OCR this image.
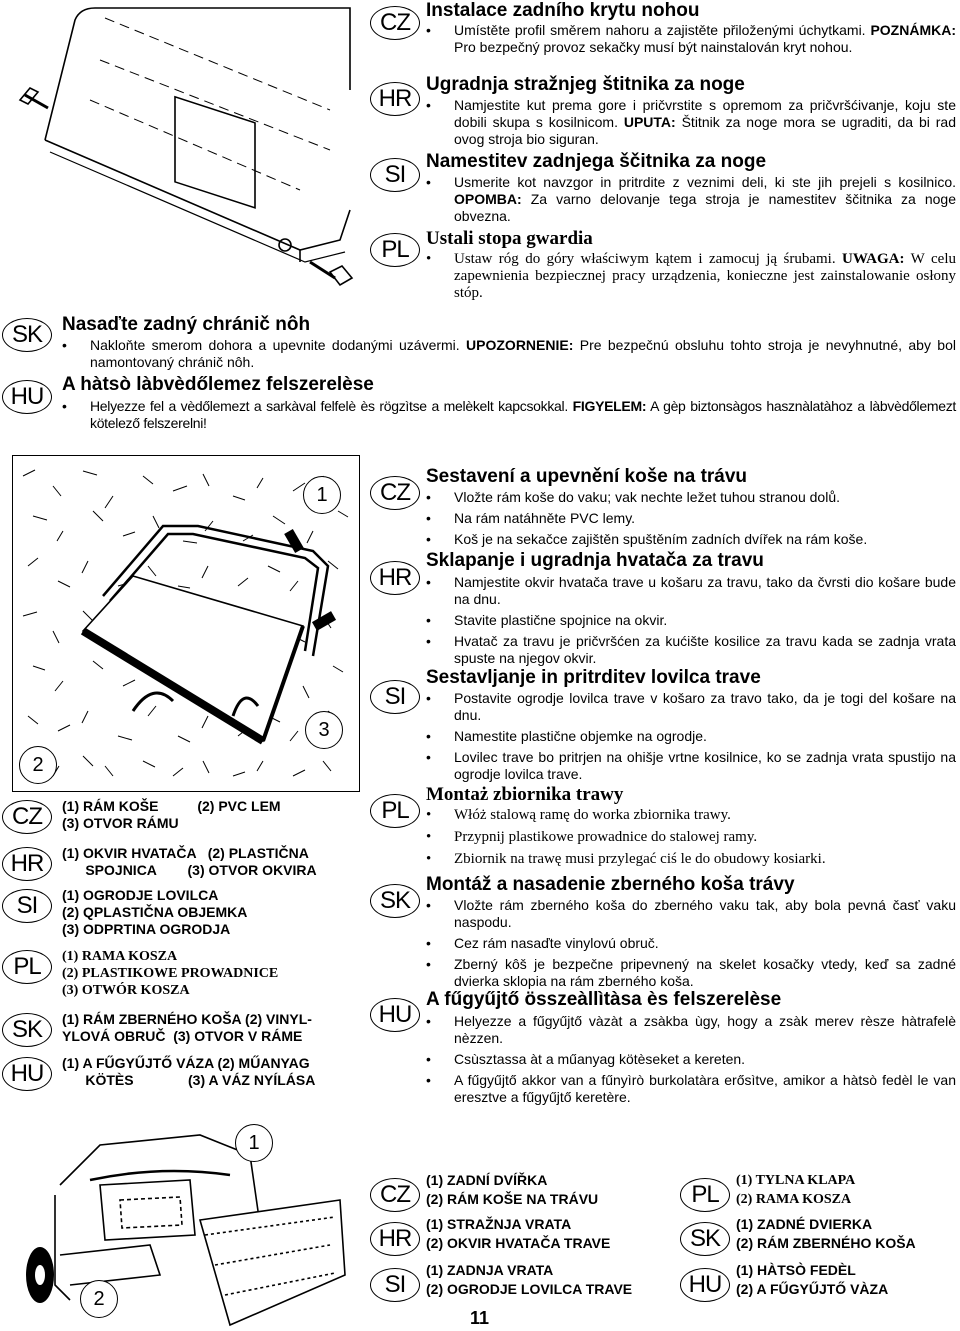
CZ Instalace zadního krytu nohou

• Umístěte profil směrem nahoru a zajistěte přiloženými úchytkami. POZNÁMKA: Pro bezpečný provoz sekačky musí být nainstalován kryt nohou.

HR
Ugradnja stražnjeg štitnika za noge

• Namjestite kut prema gore i pričvrstite s opremom za pričvršćivanje, koju ste dobili skupa s kosilnicom. UPUTA: Štitnik za noge mora se ugraditi, da bi rad ovog stroja bio siguran.

SI	Namestitev zadnjega ščitnika za noge

• Usmerite kot navzgor in pritrdite z veznimi deli, ki ste jih prejeli s kosilnico. OPOMBA: Za varno delovanje tega stroja je namestitev ščitnika za noge obvezna.

PL Ustali stopa gwardia

• Ustaw róg do góry właściwym kątem i zamocuj ją śrubami. UWAGA: W celu zapewnienia bezpiecznej pracy urządzenia, konieczne jest zainstalowanie osłony stóp.

SK	Nasaďte zadný chránič nôh

• Nakloňte smerom dohora a upevnite dodanými uzávermi. UPOZORNENIE: Pre bezpečnú obsluhu tohto stroja je nevyhnutné, aby bol namontovaný chránič nôh.

HU A hàtsò làbvèdőlemez felszerelèse

• Helyezze fel a vèdőlemezt a sarkàval felfelè ès rögzìtse a melèkelt kapcsokkal. FIGYELEM: A gèp biztonsàgos hasznàlatàhoz a làbvèdőlemezt kötelező felszerelni!

1
2
3
CZ	(1) RÁM KOŠE          (2) PVC LEM
(3) OTVOR RÁMU
HR	(1) OKVIR HVATAČA   (2) PLASTIČNA
SPOJNICA        (3) OTVOR OKVIRA
SI	(1) OGRODJE LOVILCA
(2) QPLASTIČNA OBJEMKA
(3) ODPRTINA OGRODJA
PL	(1) RAMA KOSZA
(2) PLASTIKOWE PROWADNICE
(3) OTWÓR KOSZA
SK	(1) RÁM ZBERNÉHO KOŠA (2) VINYL-
YLOVÁ OBRUČ  (3) OTVOR V RÁME
HU	(1) A FŰGYŰJTŐ VÁZA (2) MŰANYAG
KÖTÈS              (3) A VÁZ NYÍLÁSA
CZ
Sestavení a upevnění koše na trávu

• Vložte rám koše do vaku; vak nechte ležet tuhou stranou dolů.

• Na rám natáhněte PVC lemy.

• Koš je na sekačce zajištěn spuštěním zadních dvířek na rám koše.

HR
Sklapanje i ugradnja hvatača za travu

• Namjestite okvir hvatača trave u košaru za travu, tako da čvrsti dio košare bude na dnu.

• Stavite plastične spojnice na okvir.

• Hvatač za travu je pričvršćen za kućište kosilice za travu kada se zadnja vrata spuste na njegov okvir.

SI
Sestavljanje in pritrditev lovilca trave

• Postavite ogrodje lovilca trave v košaro za travo tako, da je togi del košare na dnu.

• Namestite plastične objemke na ogrodje.

• Lovilec trave bo pritrjen na ohišje vrtne kosilnice, ko se zadnja vrata spustijo na ogrodje lovilca trave.

PL
Montaż zbiornika trawy

• Włóż stalową ramę do worka zbiornika trawy.

• Przypnij plastikowe prowadnice do stalowej ramy.

• Zbiornik na trawę musi przylegać ciś le do obudowy kosiarki.

SK
Montáž a nasadenie zberného koša trávy

• Vložte rám zberného koša do zberného vaku tak, aby bola pevná časť vaku naspodu.

• Cez rám nasaďte vinylovú obruč.

• Zberný kôš je bezpečne pripevnený na skelet kosačky vtedy, keď sa zadné dvierka sklopia na rám zberného koša.

HU
A fűgyűjtő összeàllìtàsa ès felszerelèse

• Helyezze a fűgyűjtő vàzàt a zsàkba ùgy, hogy a zsàk merev rèsze hàtrafelè nèzzen.

• Csùsztassa àt a műanyag kötèseket a kereten.

• A fűgyűjtő akkor van a fűnyìrò burkolatàra erősìtve, amikor a hàtsò fedèl le van eresztve a fűgyűjtő keretère.

1
2
CZ
(1) ZADNÍ DVÍŘKA
(2) RÁM KOŠE NA TRÁVU
HR
(1) STRAŽNJA VRATA
(2) OKVIR HVATAČA TRAVE
SI
(1) ZADNJA VRATA
(2) OGRODJE LOVILCA TRAVE
PL
(1) TYLNA KLAPA
(2) RAMA KOSZA
SK
(1) ZADNÉ DVIERKA
(2) RÁM ZBERNÉHO KOŠA
HU
(1) HÀTSÒ FEDÈL
(2) A FŰGYŰJTŐ VÀZA
11
